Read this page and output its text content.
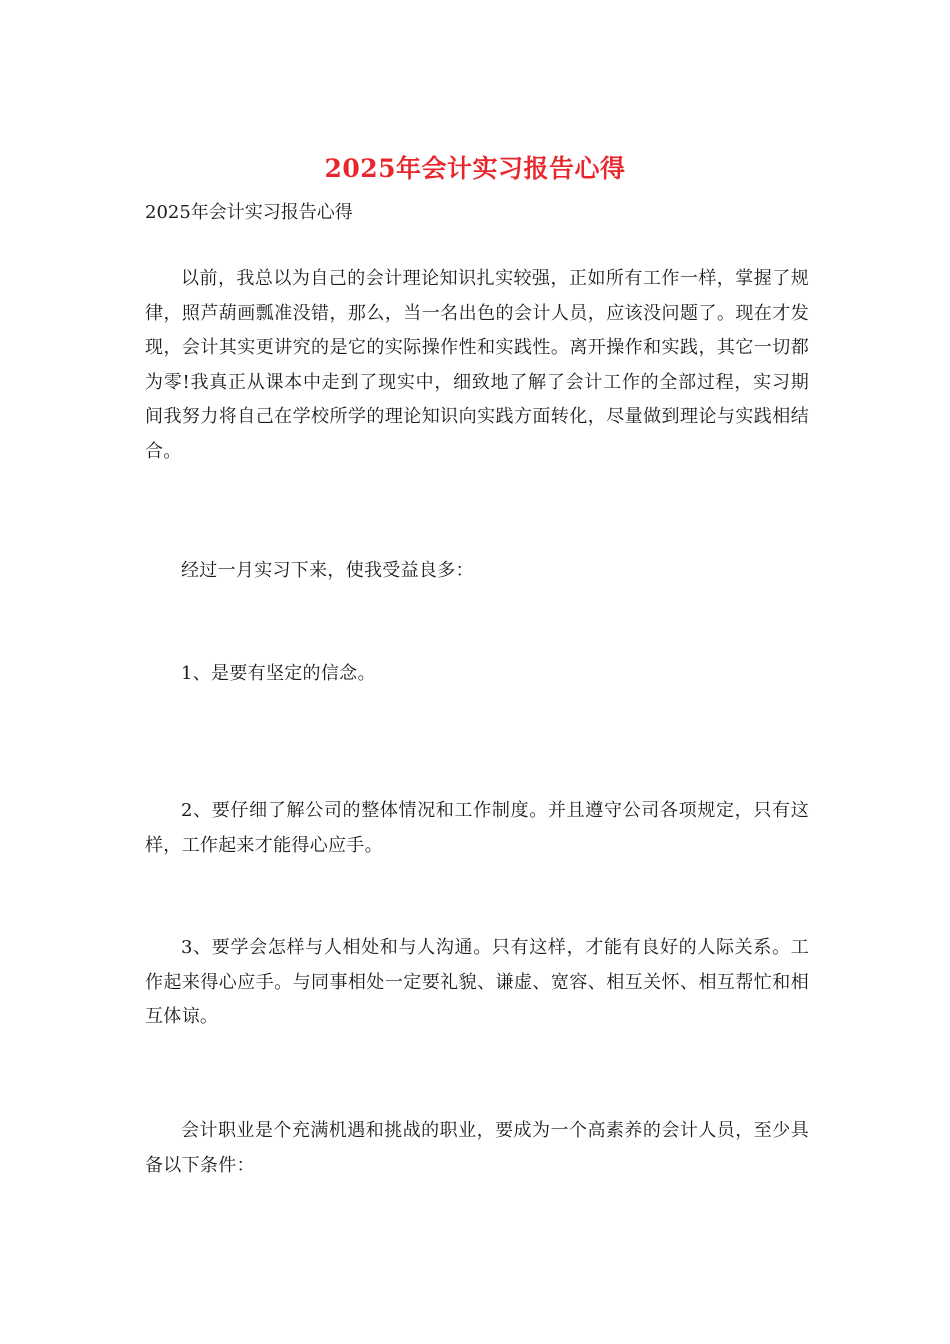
2025年会计实习报告心得

2025年会计实习报告心得

以前，我总以为自己的会计理论知识扎实较强，正如所有工作一样，掌握了规律，照芦葫画瓢准没错，那么，当一名出色的会计人员，应该没问题了。现在才发现，会计其实更讲究的是它的实际操作性和实践性。离开操作和实践，其它一切都为零!我真正从课本中走到了现实中，细致地了解了会计工作的全部过程，实习期间我努力将自己在学校所学的理论知识向实践方面转化，尽量做到理论与实践相结合。

经过一月实习下来，使我受益良多：

1、是要有坚定的信念。

2、要仔细了解公司的整体情况和工作制度。并且遵守公司各项规定，只有这样，工作起来才能得心应手。

3、要学会怎样与人相处和与人沟通。只有这样，才能有良好的人际关系。工作起来得心应手。与同事相处一定要礼貌、谦虚、宽容、相互关怀、相互帮忙和相互体谅。

会计职业是个充满机遇和挑战的职业，要成为一个高素养的会计人员，至少具备以下条件：
